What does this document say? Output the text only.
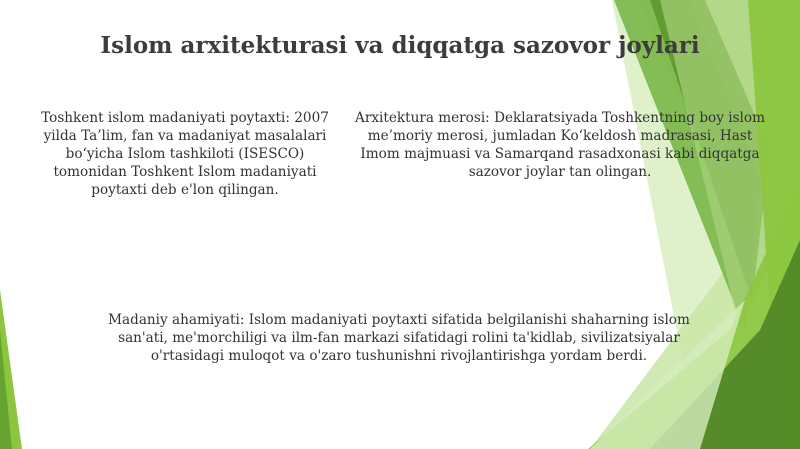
Islom arxitekturasi va diqqatga sazovor joylari
Toshkent islom madaniyati poytaxti: 2007 yilda Ta’lim, fan va madaniyat masalalari bo‘yicha Islom tashkiloti (ISESCO) tomonidan Toshkent Islom madaniyati poytaxti deb e'lon qilingan.
Arxitektura merosi: Deklaratsiyada Toshkentning boy islom me’moriy merosi, jumladan Ko‘keldosh madrasasi, Hast Imom majmuasi va Samarqand rasadxonasi kabi diqqatga sazovor joylar tan olingan.
Madaniy ahamiyati: Islom madaniyati poytaxti sifatida belgilanishi shaharning islom san'ati, me'morchiligi va ilm-fan markazi sifatidagi rolini ta'kidlab, sivilizatsiyalar o'rtasidagi muloqot va o'zaro tushunishni rivojlantirishga yordam berdi.
